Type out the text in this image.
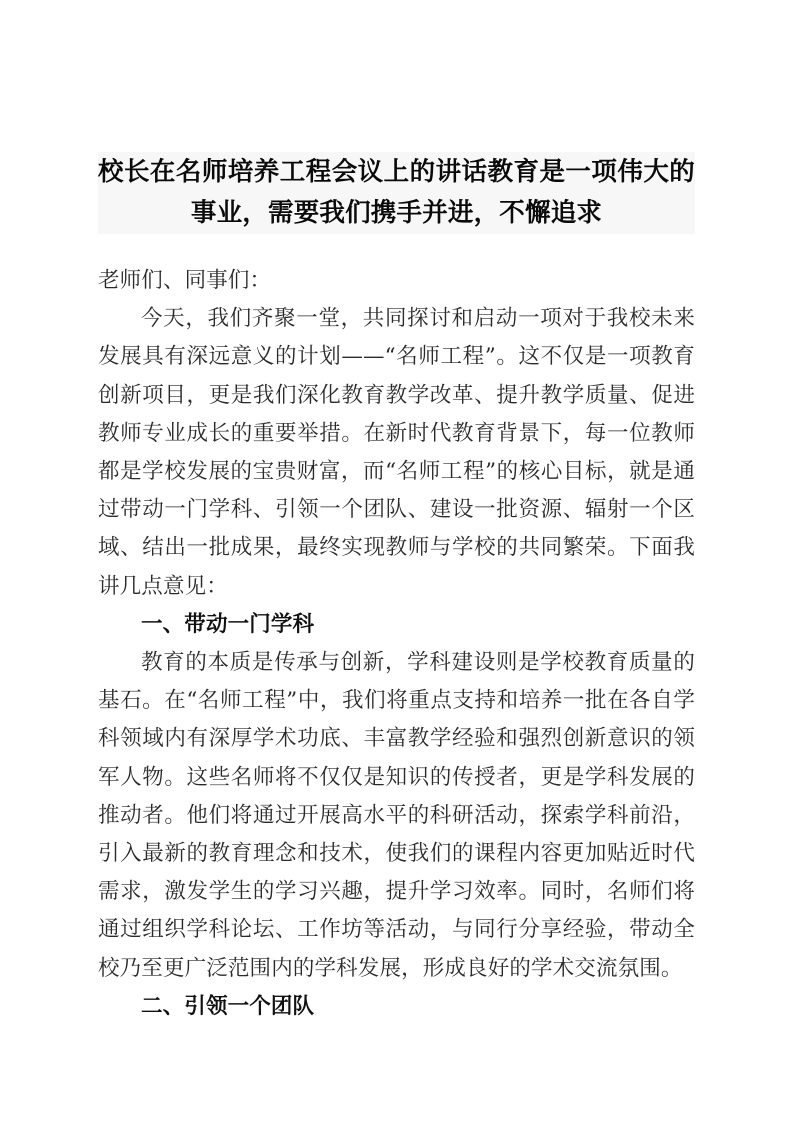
校长在名师培养工程会议上的讲话教育是一项伟大的事业，需要我们携手并进，不懈追求

老师们、同事们：

今天，我们齐聚一堂，共同探讨和启动一项对于我校未来发展具有深远意义的计划——“名师工程”。这不仅是一项教育创新项目，更是我们深化教育教学改革、提升教学质量、促进教师专业成长的重要举措。在新时代教育背景下，每一位教师都是学校发展的宝贵财富，而“名师工程”的核心目标，就是通过带动一门学科、引领一个团队、建设一批资源、辐射一个区域、结出一批成果，最终实现教师与学校的共同繁荣。下面我讲几点意见：

一、带动一门学科

教育的本质是传承与创新，学科建设则是学校教育质量的基石。在“名师工程”中，我们将重点支持和培养一批在各自学科领域内有深厚学术功底、丰富教学经验和强烈创新意识的领军人物。这些名师将不仅仅是知识的传授者，更是学科发展的推动者。他们将通过开展高水平的科研活动，探索学科前沿，引入最新的教育理念和技术，使我们的课程内容更加贴近时代需求，激发学生的学习兴趣，提升学习效率。同时，名师们将通过组织学科论坛、工作坊等活动，与同行分享经验，带动全校乃至更广泛范围内的学科发展，形成良好的学术交流氛围。

二、引领一个团队
